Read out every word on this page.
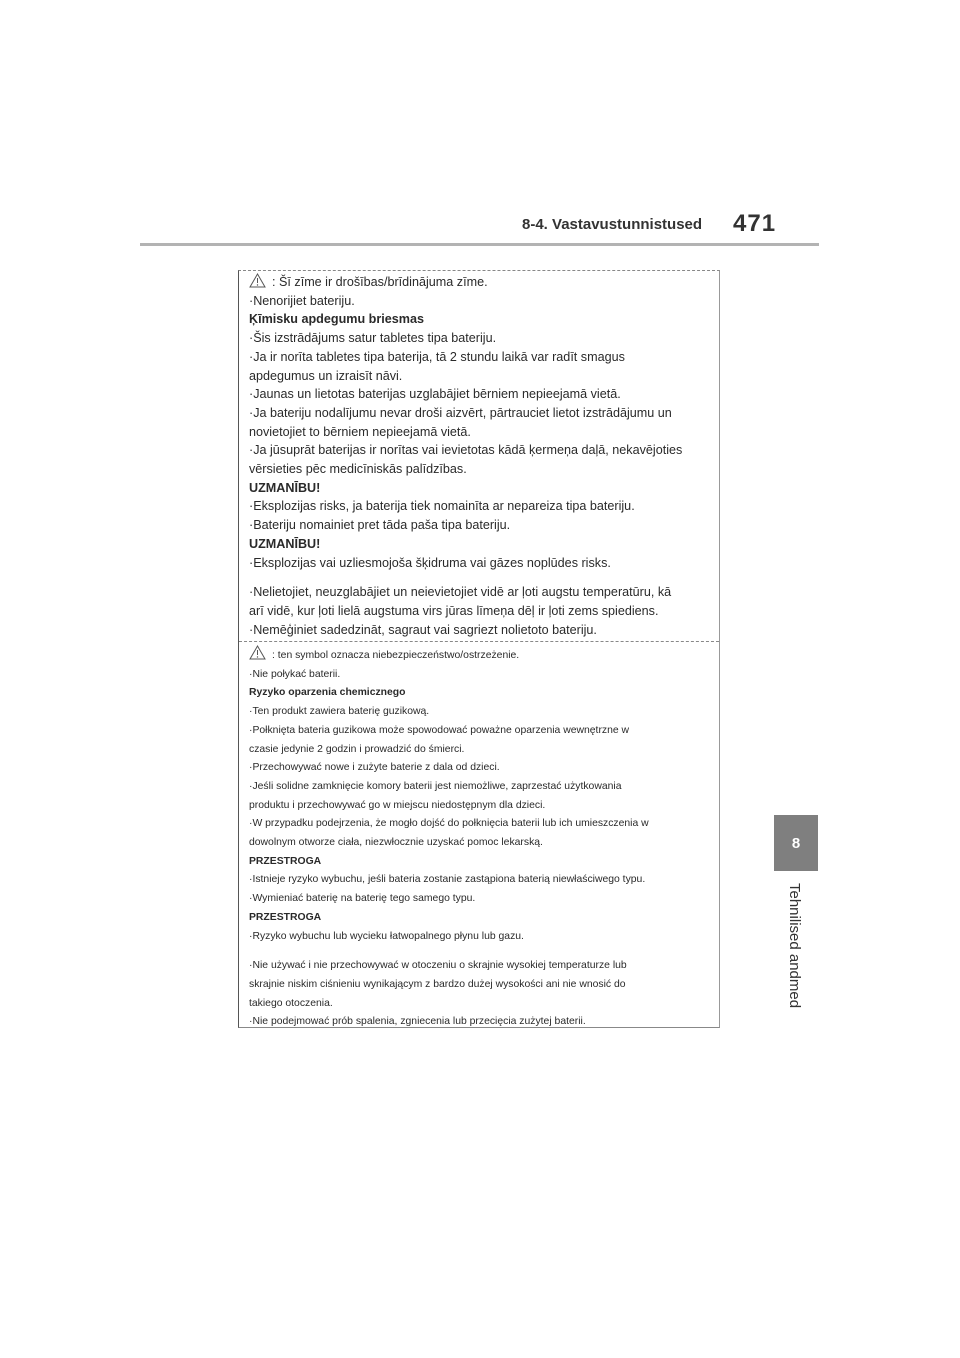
8-4. Vastavustunnistused 471
8
Tehnilised andmed
: Šī zīme ir drošības/brīdinājuma zīme.
·Nenorijiet bateriju.
Ķīmisku apdegumu briesmas
·Šis izstrādājums satur tabletes tipa bateriju.
·Ja ir norīta tabletes tipa baterija, tā 2 stundu laikā var radīt smagus
apdegumus un izraisīt nāvi.
·Jaunas un lietotas baterijas uzglabājiet bērniem nepieejamā vietā.
·Ja bateriju nodalījumu nevar droši aizvērt, pārtrauciet lietot izstrādājumu un
novietojiet to bērniem nepieejamā vietā.
·Ja jūsuprāt baterijas ir norītas vai ievietotas kādā ķermeņa daļā, nekavējoties
vērsieties pēc medicīniskās palīdzības.
UZMANĪBU!
·Eksplozijas risks, ja baterija tiek nomainīta ar nepareiza tipa bateriju.
·Bateriju nomainiet pret tāda paša tipa bateriju.
UZMANĪBU!
·Eksplozijas vai uzliesmojoša šķidruma vai gāzes noplūdes risks.
·Nelietojiet, neuzglabājiet un neievietojiet vidē ar ļoti augstu temperatūru, kā
arī vidē, kur ļoti lielā augstuma virs jūras līmeņa dēļ ir ļoti zems spiediens.
·Nemēģiniet sadedzināt, sagraut vai sagriezt nolietoto bateriju.
: ten symbol oznacza niebezpieczeństwo/ostrzeżenie.
·Nie połykać baterii.
Ryzyko oparzenia chemicznego
·Ten produkt zawiera baterię guzikową.
·Połknięta bateria guzikowa może spowodować poważne oparzenia wewnętrzne w
czasie jedynie 2 godzin i prowadzić do śmierci.
·Przechowywać nowe i zużyte baterie z dala od dzieci.
·Jeśli solidne zamknięcie komory baterii jest niemożliwe, zaprzestać użytkowania
produktu i przechowywać go w miejscu niedostępnym dla dzieci.
·W przypadku podejrzenia, że mogło dojść do połknięcia baterii lub ich umieszczenia w
dowolnym otworze ciała, niezwłocznie uzyskać pomoc lekarską.
PRZESTROGA
·Istnieje ryzyko wybuchu, jeśli bateria zostanie zastąpiona baterią niewłaściwego typu.
·Wymieniać baterię na baterię tego samego typu.
PRZESTROGA
·Ryzyko wybuchu lub wycieku łatwopalnego płynu lub gazu.
·Nie używać i nie przechowywać w otoczeniu o skrajnie wysokiej temperaturze lub
skrajnie niskim ciśnieniu wynikającym z bardzo dużej wysokości ani nie wnosić do
takiego otoczenia.
·Nie podejmować prób spalenia, zgniecenia lub przecięcia zużytej baterii.
